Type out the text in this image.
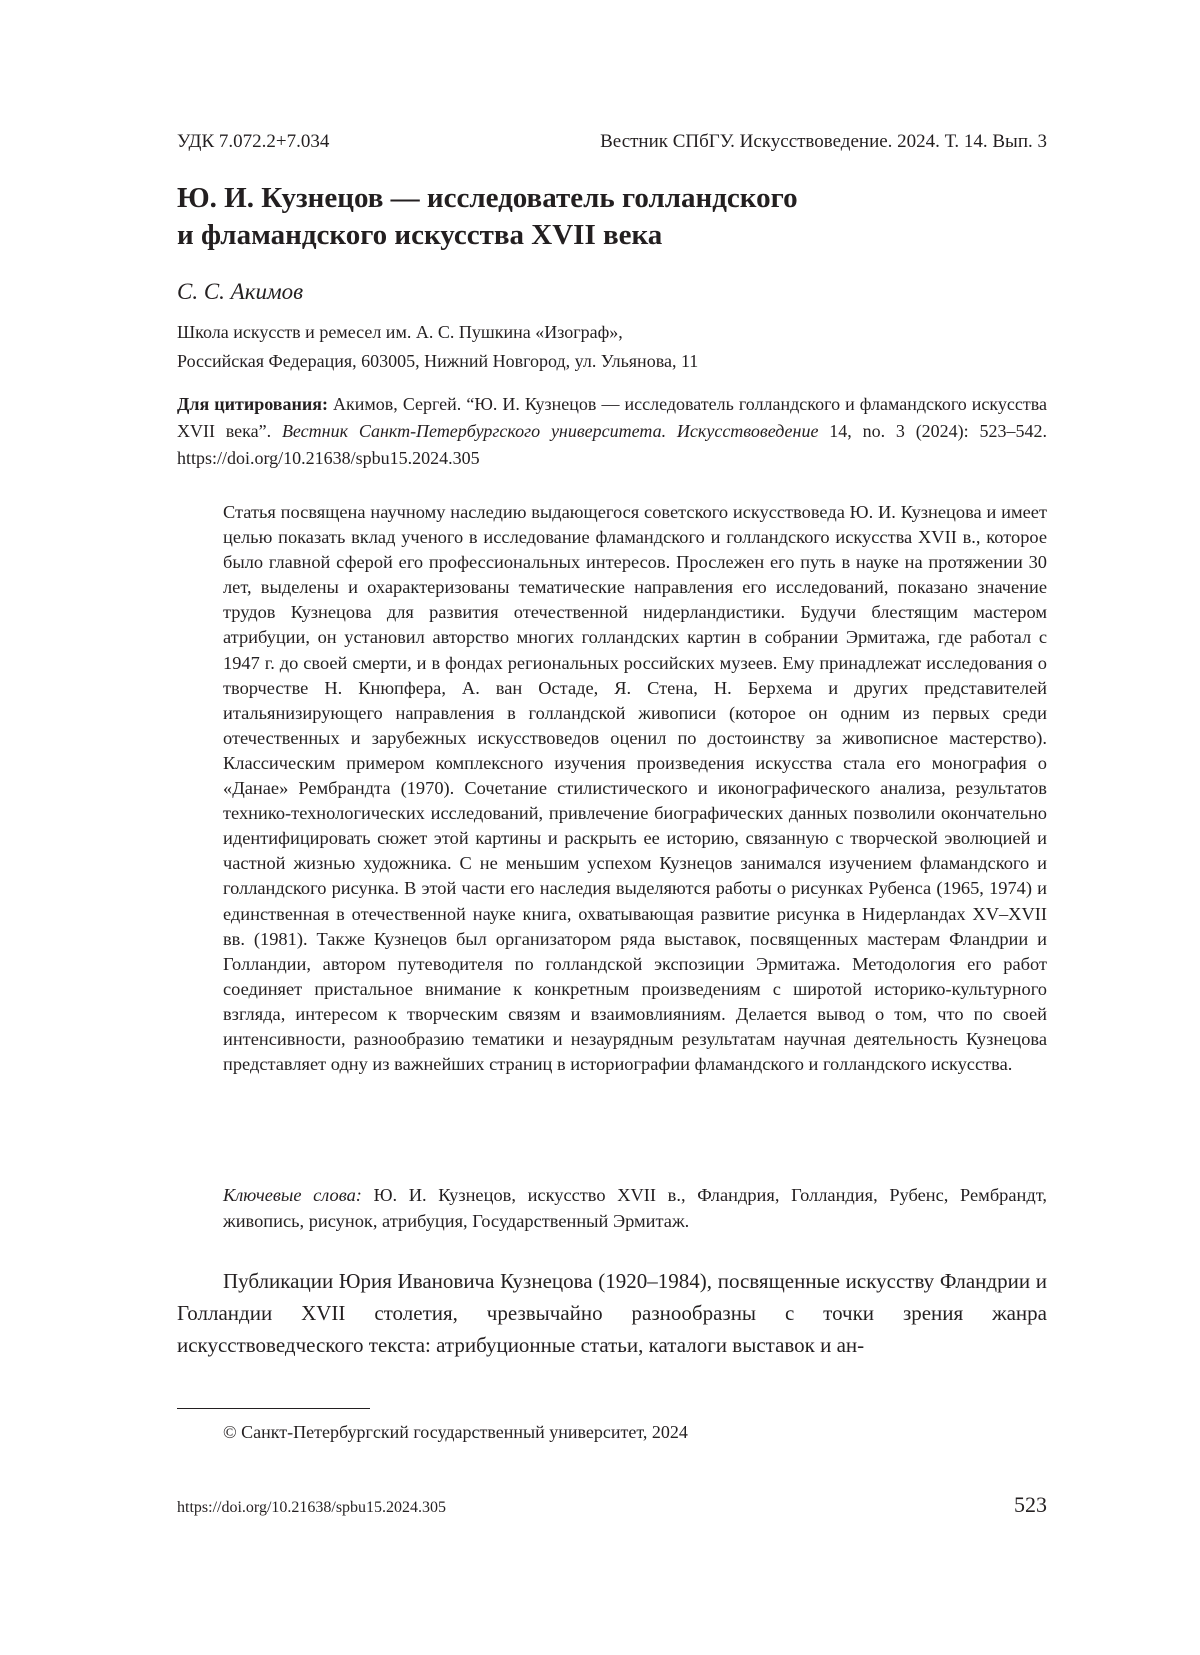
УДК 7.072.2+7.034	Вестник СПбГУ. Искусствоведение. 2024. Т. 14. Вып. 3
Ю. И. Кузнецов — исследователь голландского
и фламандского искусства XVII века
С. С. Акимов
Школа искусств и ремесел им. А. С. Пушкина «Изограф»,
Российская Федерация, 603005, Нижний Новгород, ул. Ульянова, 11
Для цитирования: Акимов, Сергей. “Ю. И. Кузнецов — исследователь голландского и фламандского искусства XVII века”. Вестник Санкт-Петербургского университета. Искусствоведение 14, no. 3 (2024): 523–542. https://doi.org/10.21638/spbu15.2024.305
Статья посвящена научному наследию выдающегося советского искусствоведа Ю. И. Кузнецова и имеет целью показать вклад ученого в исследование фламандского и голландского искусства XVII в., которое было главной сферой его профессиональных интересов. Прослежен его путь в науке на протяжении 30 лет, выделены и охарактеризованы тематические направления его исследований, показано значение трудов Кузнецова для развития отечественной нидерландистики. Будучи блестящим мастером атрибуции, он установил авторство многих голландских картин в собрании Эрмитажа, где работал с 1947 г. до своей смерти, и в фондах региональных российских музеев. Ему принадлежат исследования о творчестве Н. Кнюпфера, А. ван Остаде, Я. Стена, Н. Берхема и других представителей итальянизирующего направления в голландской живописи (которое он одним из первых среди отечественных и зарубежных искусствоведов оценил по достоинству за живописное мастерство). Классическим примером комплексного изучения произведения искусства стала его монография о «Данае» Рембрандта (1970). Сочетание стилистического и иконографического анализа, результатов технико-технологических исследований, привлечение биографических данных позволили окончательно идентифицировать сюжет этой картины и раскрыть ее историю, связанную с творческой эволюцией и частной жизнью художника. С не меньшим успехом Кузнецов занимался изучением фламандского и голландского рисунка. В этой части его наследия выделяются работы о рисунках Рубенса (1965, 1974) и единственная в отечественной науке книга, охватывающая развитие рисунка в Нидерландах XV–XVII вв. (1981). Также Кузнецов был организатором ряда выставок, посвященных мастерам Фландрии и Голландии, автором путеводителя по голландской экспозиции Эрмитажа. Методология его работ соединяет пристальное внимание к конкретным произведениям с широтой историко-культурного взгляда, интересом к творческим связям и взаимовлияниям. Делается вывод о том, что по своей интенсивности, разнообразию тематики и незаурядным результатам научная деятельность Кузнецова представляет одну из важнейших страниц в историографии фламандского и голландского искусства.
Ключевые слова: Ю. И. Кузнецов, искусство XVII в., Фландрия, Голландия, Рубенс, Рембрандт, живопись, рисунок, атрибуция, Государственный Эрмитаж.
Публикации Юрия Ивановича Кузнецова (1920–1984), посвященные искусству Фландрии и Голландии XVII столетия, чрезвычайно разнообразны с точки зрения жанра искусствоведческого текста: атрибуционные статьи, каталоги выставок и ан-
© Санкт-Петербургский государственный университет, 2024
https://doi.org/10.21638/spbu15.2024.305	523
